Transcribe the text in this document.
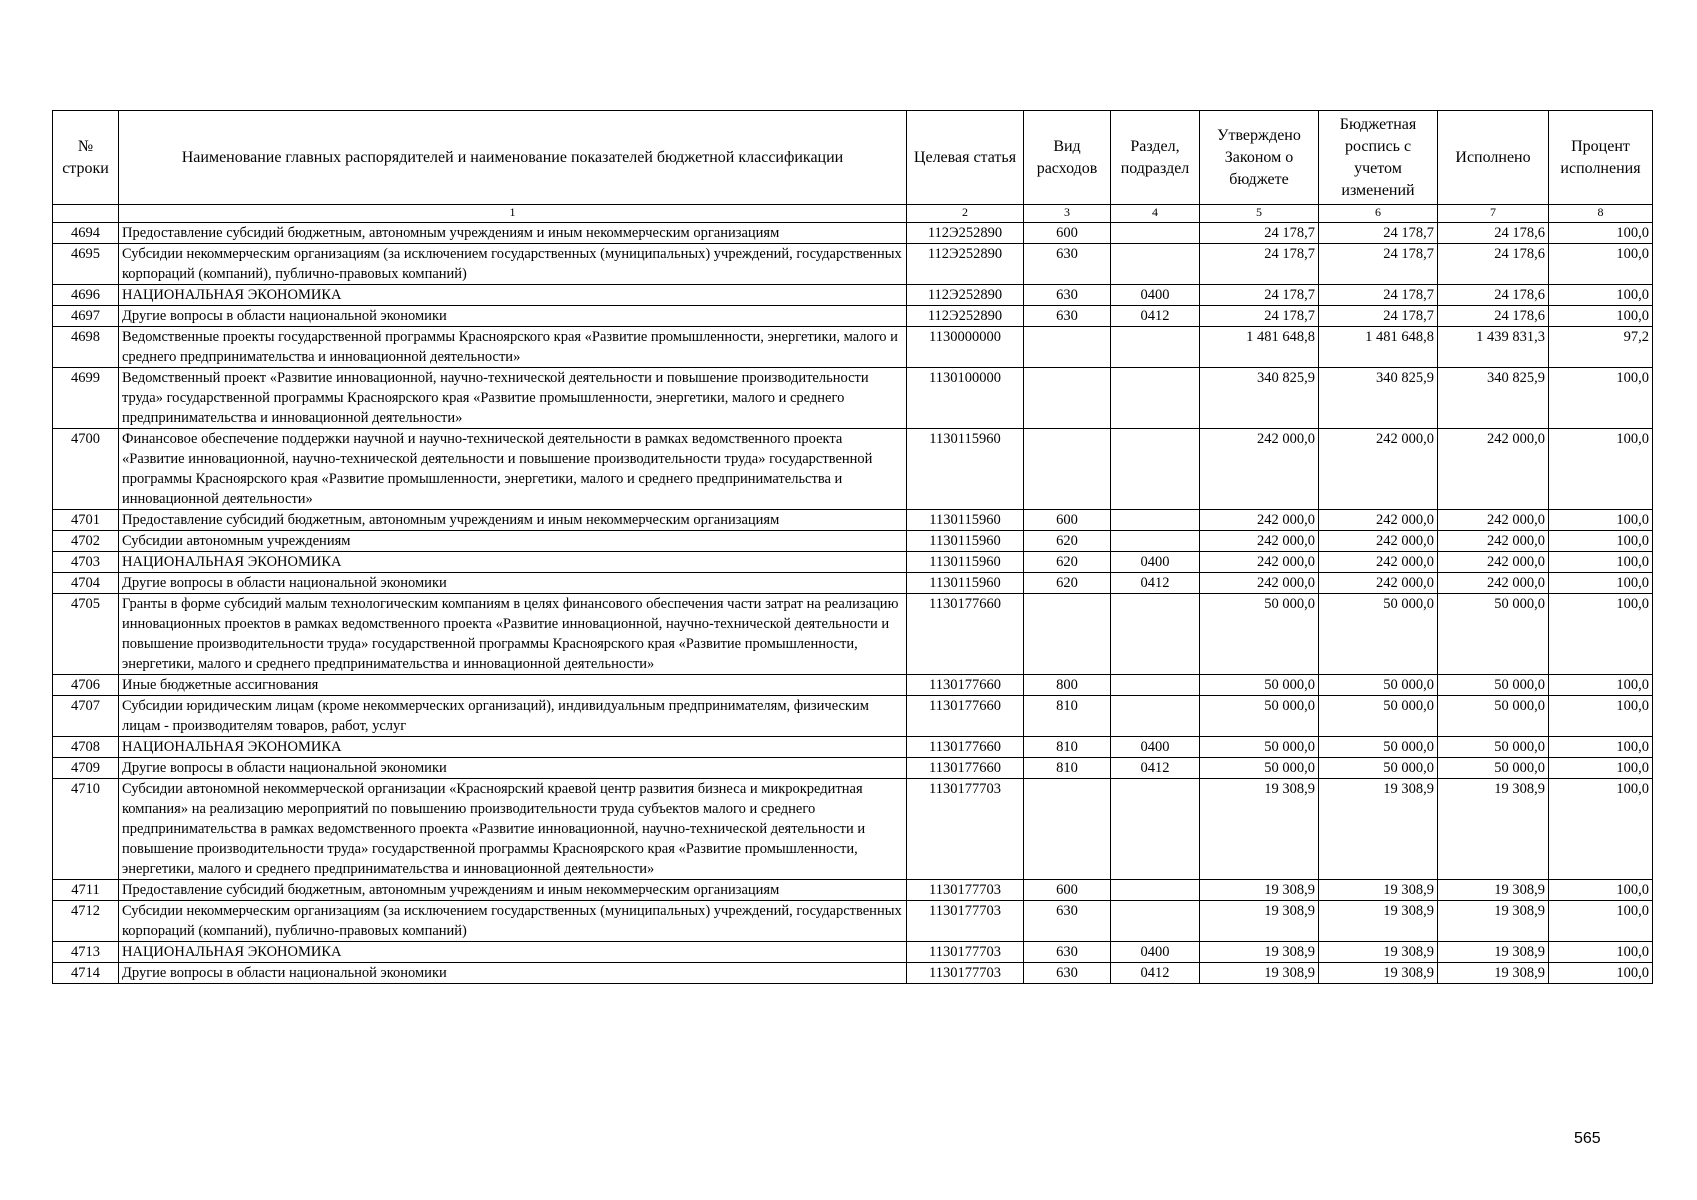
№ строки	Наименование главных распорядителей и наименование показателей бюджетной классификации	Целевая статья	Вид расходов	Раздел, подраздел	Утверждено Законом о бюджете	Бюджетная роспись с учетом изменений	Исполнено	Процент исполнения
	1	2	3	4	5	6	7	8
4694	Предоставление субсидий бюджетным, автономным учреждениям и иным некоммерческим организациям	112Э252890	600		24 178,7	24 178,7	24 178,6	100,0
4695	Субсидии некоммерческим организациям (за исключением государственных (муниципальных) учреждений, государственных корпораций (компаний), публично-правовых компаний)	112Э252890	630		24 178,7	24 178,7	24 178,6	100,0
4696	НАЦИОНАЛЬНАЯ ЭКОНОМИКА	112Э252890	630	0400	24 178,7	24 178,7	24 178,6	100,0
4697	Другие вопросы в области национальной экономики	112Э252890	630	0412	24 178,7	24 178,7	24 178,6	100,0
4698	Ведомственные проекты государственной программы Красноярского края «Развитие промышленности, энергетики, малого и среднего предпринимательства и инновационной деятельности»	1130000000			1 481 648,8	1 481 648,8	1 439 831,3	97,2
4699	Ведомственный проект «Развитие инновационной, научно-технической деятельности и повышение производительности труда» государственной программы Красноярского края «Развитие промышленности, энергетики, малого и среднего предпринимательства и инновационной деятельности»	1130100000			340 825,9	340 825,9	340 825,9	100,0
4700	Финансовое обеспечение поддержки научной и научно-технической деятельности в рамках ведомственного проекта «Развитие инновационной, научно-технической деятельности и повышение производительности труда» государственной программы Красноярского края «Развитие промышленности, энергетики, малого и среднего предпринимательства и инновационной деятельности»	1130115960			242 000,0	242 000,0	242 000,0	100,0
4701	Предоставление субсидий бюджетным, автономным учреждениям и иным некоммерческим организациям	1130115960	600		242 000,0	242 000,0	242 000,0	100,0
4702	Субсидии автономным учреждениям	1130115960	620		242 000,0	242 000,0	242 000,0	100,0
4703	НАЦИОНАЛЬНАЯ ЭКОНОМИКА	1130115960	620	0400	242 000,0	242 000,0	242 000,0	100,0
4704	Другие вопросы в области национальной экономики	1130115960	620	0412	242 000,0	242 000,0	242 000,0	100,0
4705	Гранты в форме субсидий малым технологическим компаниям в целях финансового обеспечения части затрат на реализацию инновационных проектов в рамках ведомственного проекта «Развитие инновационной, научно-технической деятельности и повышение производительности труда» государственной программы Красноярского края «Развитие промышленности, энергетики, малого и среднего предпринимательства и инновационной деятельности»	1130177660			50 000,0	50 000,0	50 000,0	100,0
4706	Иные бюджетные ассигнования	1130177660	800		50 000,0	50 000,0	50 000,0	100,0
4707	Субсидии юридическим лицам (кроме некоммерческих организаций), индивидуальным предпринимателям, физическим лицам - производителям товаров, работ, услуг	1130177660	810		50 000,0	50 000,0	50 000,0	100,0
4708	НАЦИОНАЛЬНАЯ ЭКОНОМИКА	1130177660	810	0400	50 000,0	50 000,0	50 000,0	100,0
4709	Другие вопросы в области национальной экономики	1130177660	810	0412	50 000,0	50 000,0	50 000,0	100,0
4710	Субсидии автономной некоммерческой организации «Красноярский краевой центр развития бизнеса и микрокредитная компания» на реализацию мероприятий по повышению производительности труда субъектов малого и среднего предпринимательства в рамках ведомственного проекта «Развитие инновационной, научно-технической деятельности и повышение производительности труда» государственной программы Красноярского края «Развитие промышленности, энергетики, малого и среднего предпринимательства и инновационной деятельности»	1130177703			19 308,9	19 308,9	19 308,9	100,0
4711	Предоставление субсидий бюджетным, автономным учреждениям и иным некоммерческим организациям	1130177703	600		19 308,9	19 308,9	19 308,9	100,0
4712	Субсидии некоммерческим организациям (за исключением государственных (муниципальных) учреждений, государственных корпораций (компаний), публично-правовых компаний)	1130177703	630		19 308,9	19 308,9	19 308,9	100,0
4713	НАЦИОНАЛЬНАЯ ЭКОНОМИКА	1130177703	630	0400	19 308,9	19 308,9	19 308,9	100,0
4714	Другие вопросы в области национальной экономики	1130177703	630	0412	19 308,9	19 308,9	19 308,9	100,0
565
